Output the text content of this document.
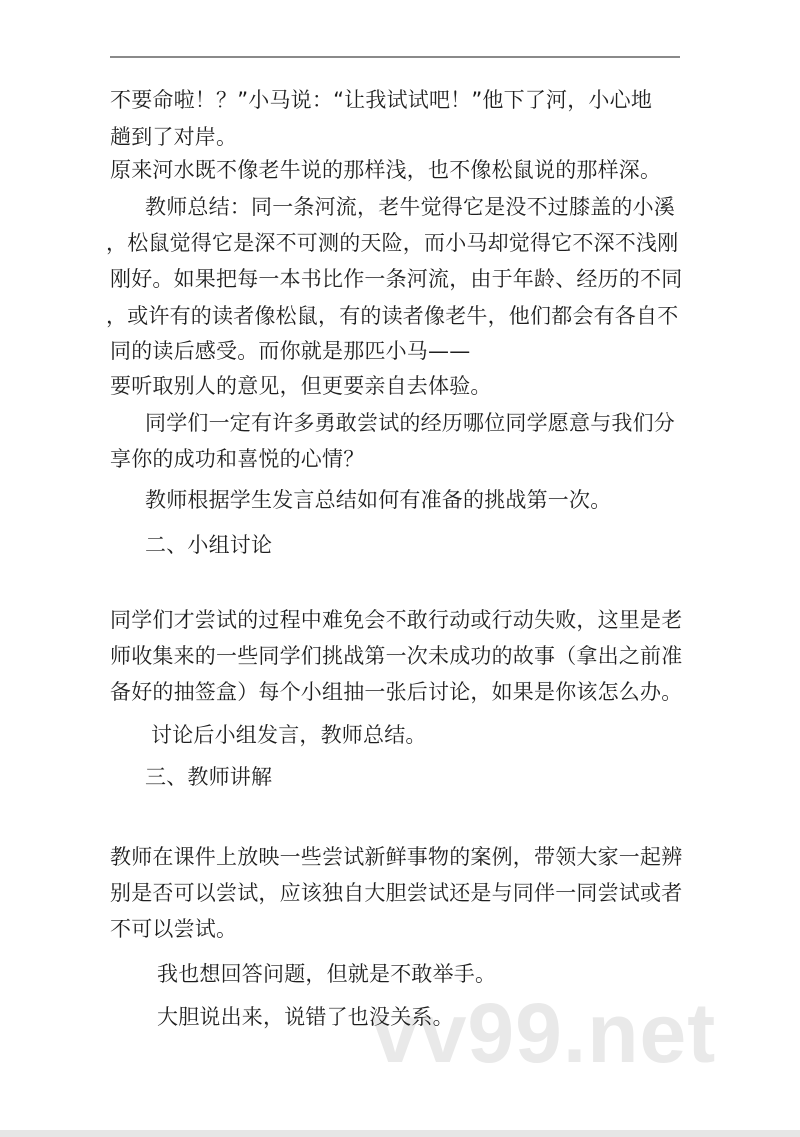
vv99.net
不要命啦！？”小马说：“让我试试吧！”他下了河，小心地
趟到了对岸。
原来河水既不像老牛说的那样浅，也不像松鼠说的那样深。
教师总结：同一条河流，老牛觉得它是没不过膝盖的小溪
，松鼠觉得它是深不可测的天险，而小马却觉得它不深不浅刚
刚好。如果把每一本书比作一条河流，由于年龄、经历的不同
，或许有的读者像松鼠，有的读者像老牛，他们都会有各自不
同的读后感受。而你就是那匹小马——
要听取别人的意见，但更要亲自去体验。
同学们一定有许多勇敢尝试的经历哪位同学愿意与我们分
享你的成功和喜悦的心情？
教师根据学生发言总结如何有准备的挑战第一次。
二、小组讨论
同学们才尝试的过程中难免会不敢行动或行动失败，这里是老
师收集来的一些同学们挑战第一次未成功的故事（拿出之前准
备好的抽签盒）每个小组抽一张后讨论，如果是你该怎么办。
讨论后小组发言，教师总结。
三、教师讲解
教师在课件上放映一些尝试新鲜事物的案例，带领大家一起辨
别是否可以尝试，应该独自大胆尝试还是与同伴一同尝试或者
不可以尝试。
我也想回答问题，但就是不敢举手。
大胆说出来，说错了也没关系。
